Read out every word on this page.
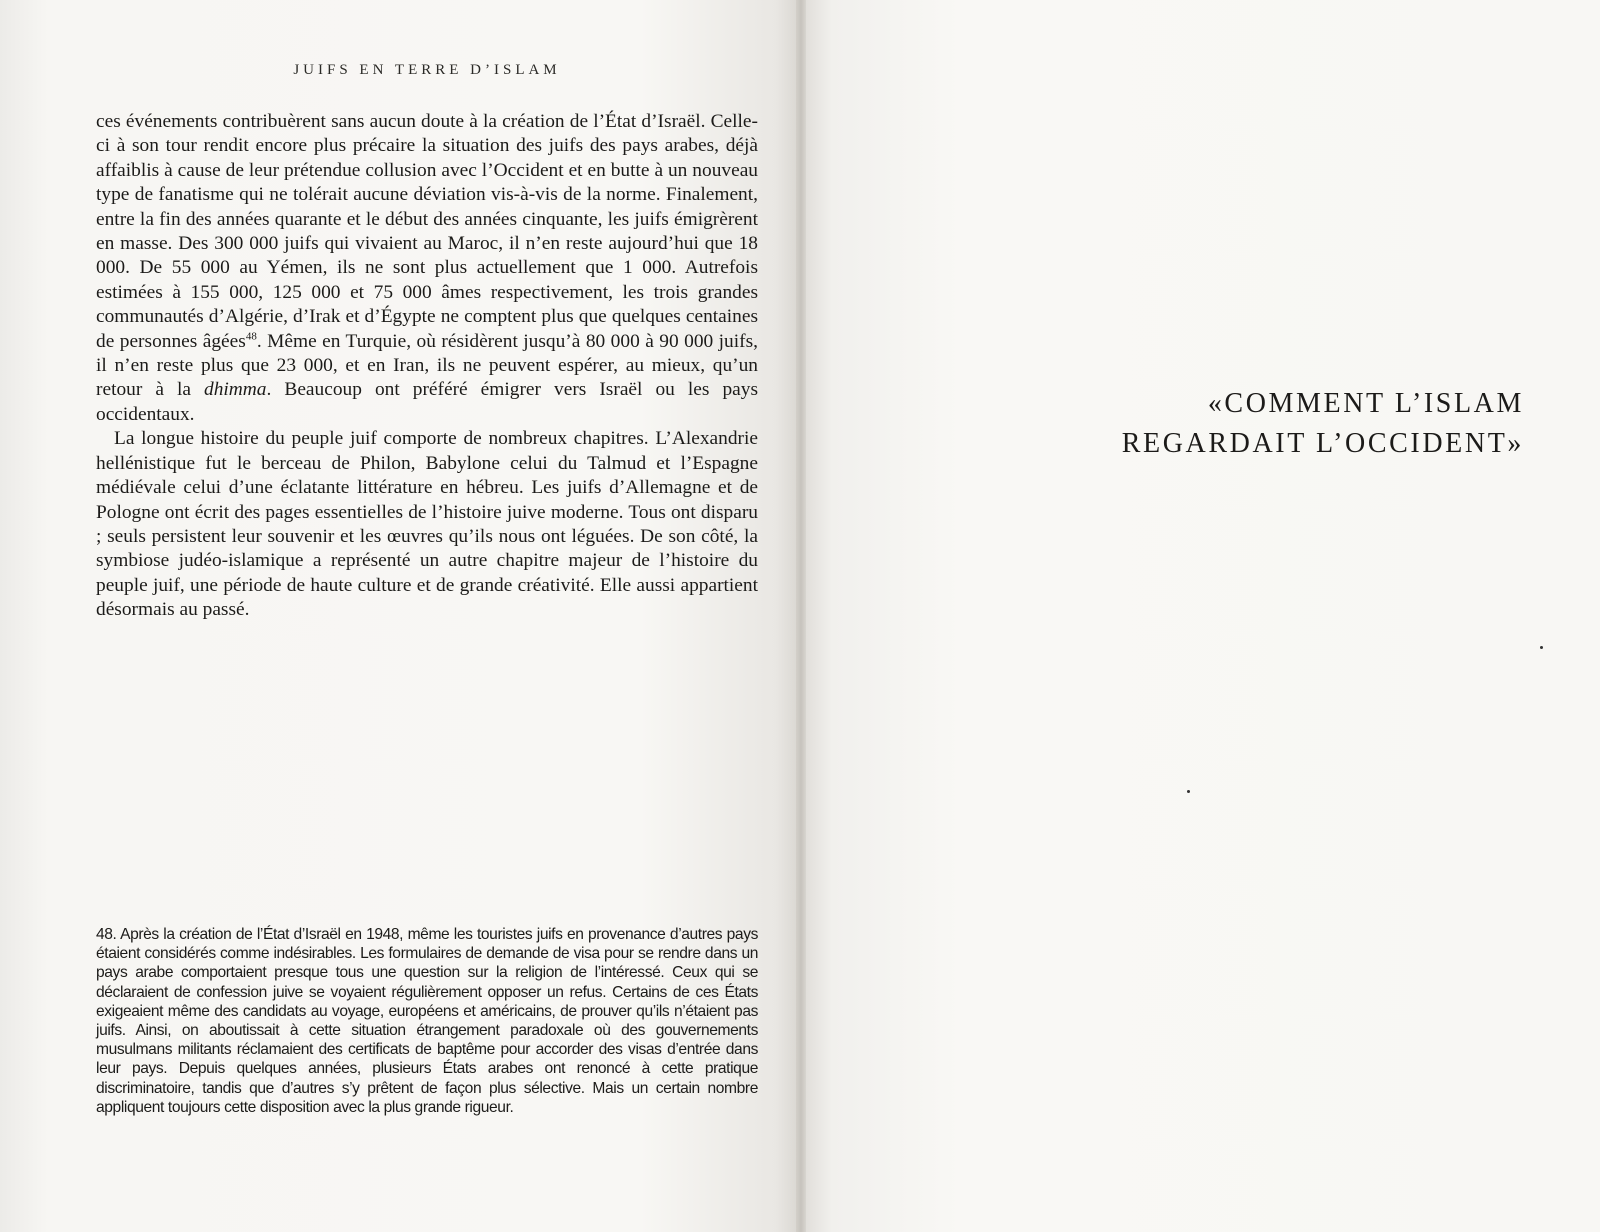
JUIFS EN TERRE D’ISLAM

ces événements contribuèrent sans aucun doute à la création de l’État d’Israël. Celle-ci à son tour rendit encore plus précaire la situation des juifs des pays arabes, déjà affaiblis à cause de leur prétendue collusion avec l’Occident et en butte à un nouveau type de fanatisme qui ne tolérait aucune déviation vis-à-vis de la norme. Finalement, entre la fin des années quarante et le début des années cinquante, les juifs émigrèrent en masse. Des 300 000 juifs qui vivaient au Maroc, il n’en reste aujourd’hui que 18 000. De 55 000 au Yémen, ils ne sont plus actuellement que 1 000. Autrefois estimées à 155 000, 125 000 et 75 000 âmes respectivement, les trois grandes communautés d’Algérie, d’Irak et d’Égypte ne comptent plus que quelques centaines de personnes âgées$^{48}$. Même en Turquie, où résidèrent jusqu’à 80 000 à 90 000 juifs, il n’en reste plus que 23 000, et en Iran, ils ne peuvent espérer, au mieux, qu’un retour à la dhimma. Beaucoup ont préféré émigrer vers Israël ou les pays occidentaux.

La longue histoire du peuple juif comporte de nombreux chapitres. L’Alexandrie hellénistique fut le berceau de Philon, Babylone celui du Talmud et l’Espagne médiévale celui d’une éclatante littérature en hébreu. Les juifs d’Allemagne et de Pologne ont écrit des pages essentielles de l’histoire juive moderne. Tous ont disparu ; seuls persistent leur souvenir et les œuvres qu’ils nous ont léguées. De son côté, la symbiose judéo-islamique a représenté un autre chapitre majeur de l’histoire du peuple juif, une période de haute culture et de grande créativité. Elle aussi appartient désormais au passé.

48. Après la création de l’État d’Israël en 1948, même les touristes juifs en provenance d’autres pays étaient considérés comme indésirables. Les formulaires de demande de visa pour se rendre dans un pays arabe comportaient presque tous une question sur la religion de l’intéressé. Ceux qui se déclaraient de confession juive se voyaient régulièrement opposer un refus. Certains de ces États exigeaient même des candidats au voyage, européens et américains, de prouver qu’ils n’étaient pas juifs. Ainsi, on aboutissait à cette situation étrangement paradoxale où des gouvernements musulmans militants réclamaient des certificats de baptême pour accorder des visas d’entrée dans leur pays. Depuis quelques années, plusieurs États arabes ont renoncé à cette pratique discriminatoire, tandis que d’autres s’y prêtent de façon plus sélective. Mais un certain nombre appliquent toujours cette disposition avec la plus grande rigueur.

«COMMENT L’ISLAM
REGARDAIT L’OCCIDENT»
